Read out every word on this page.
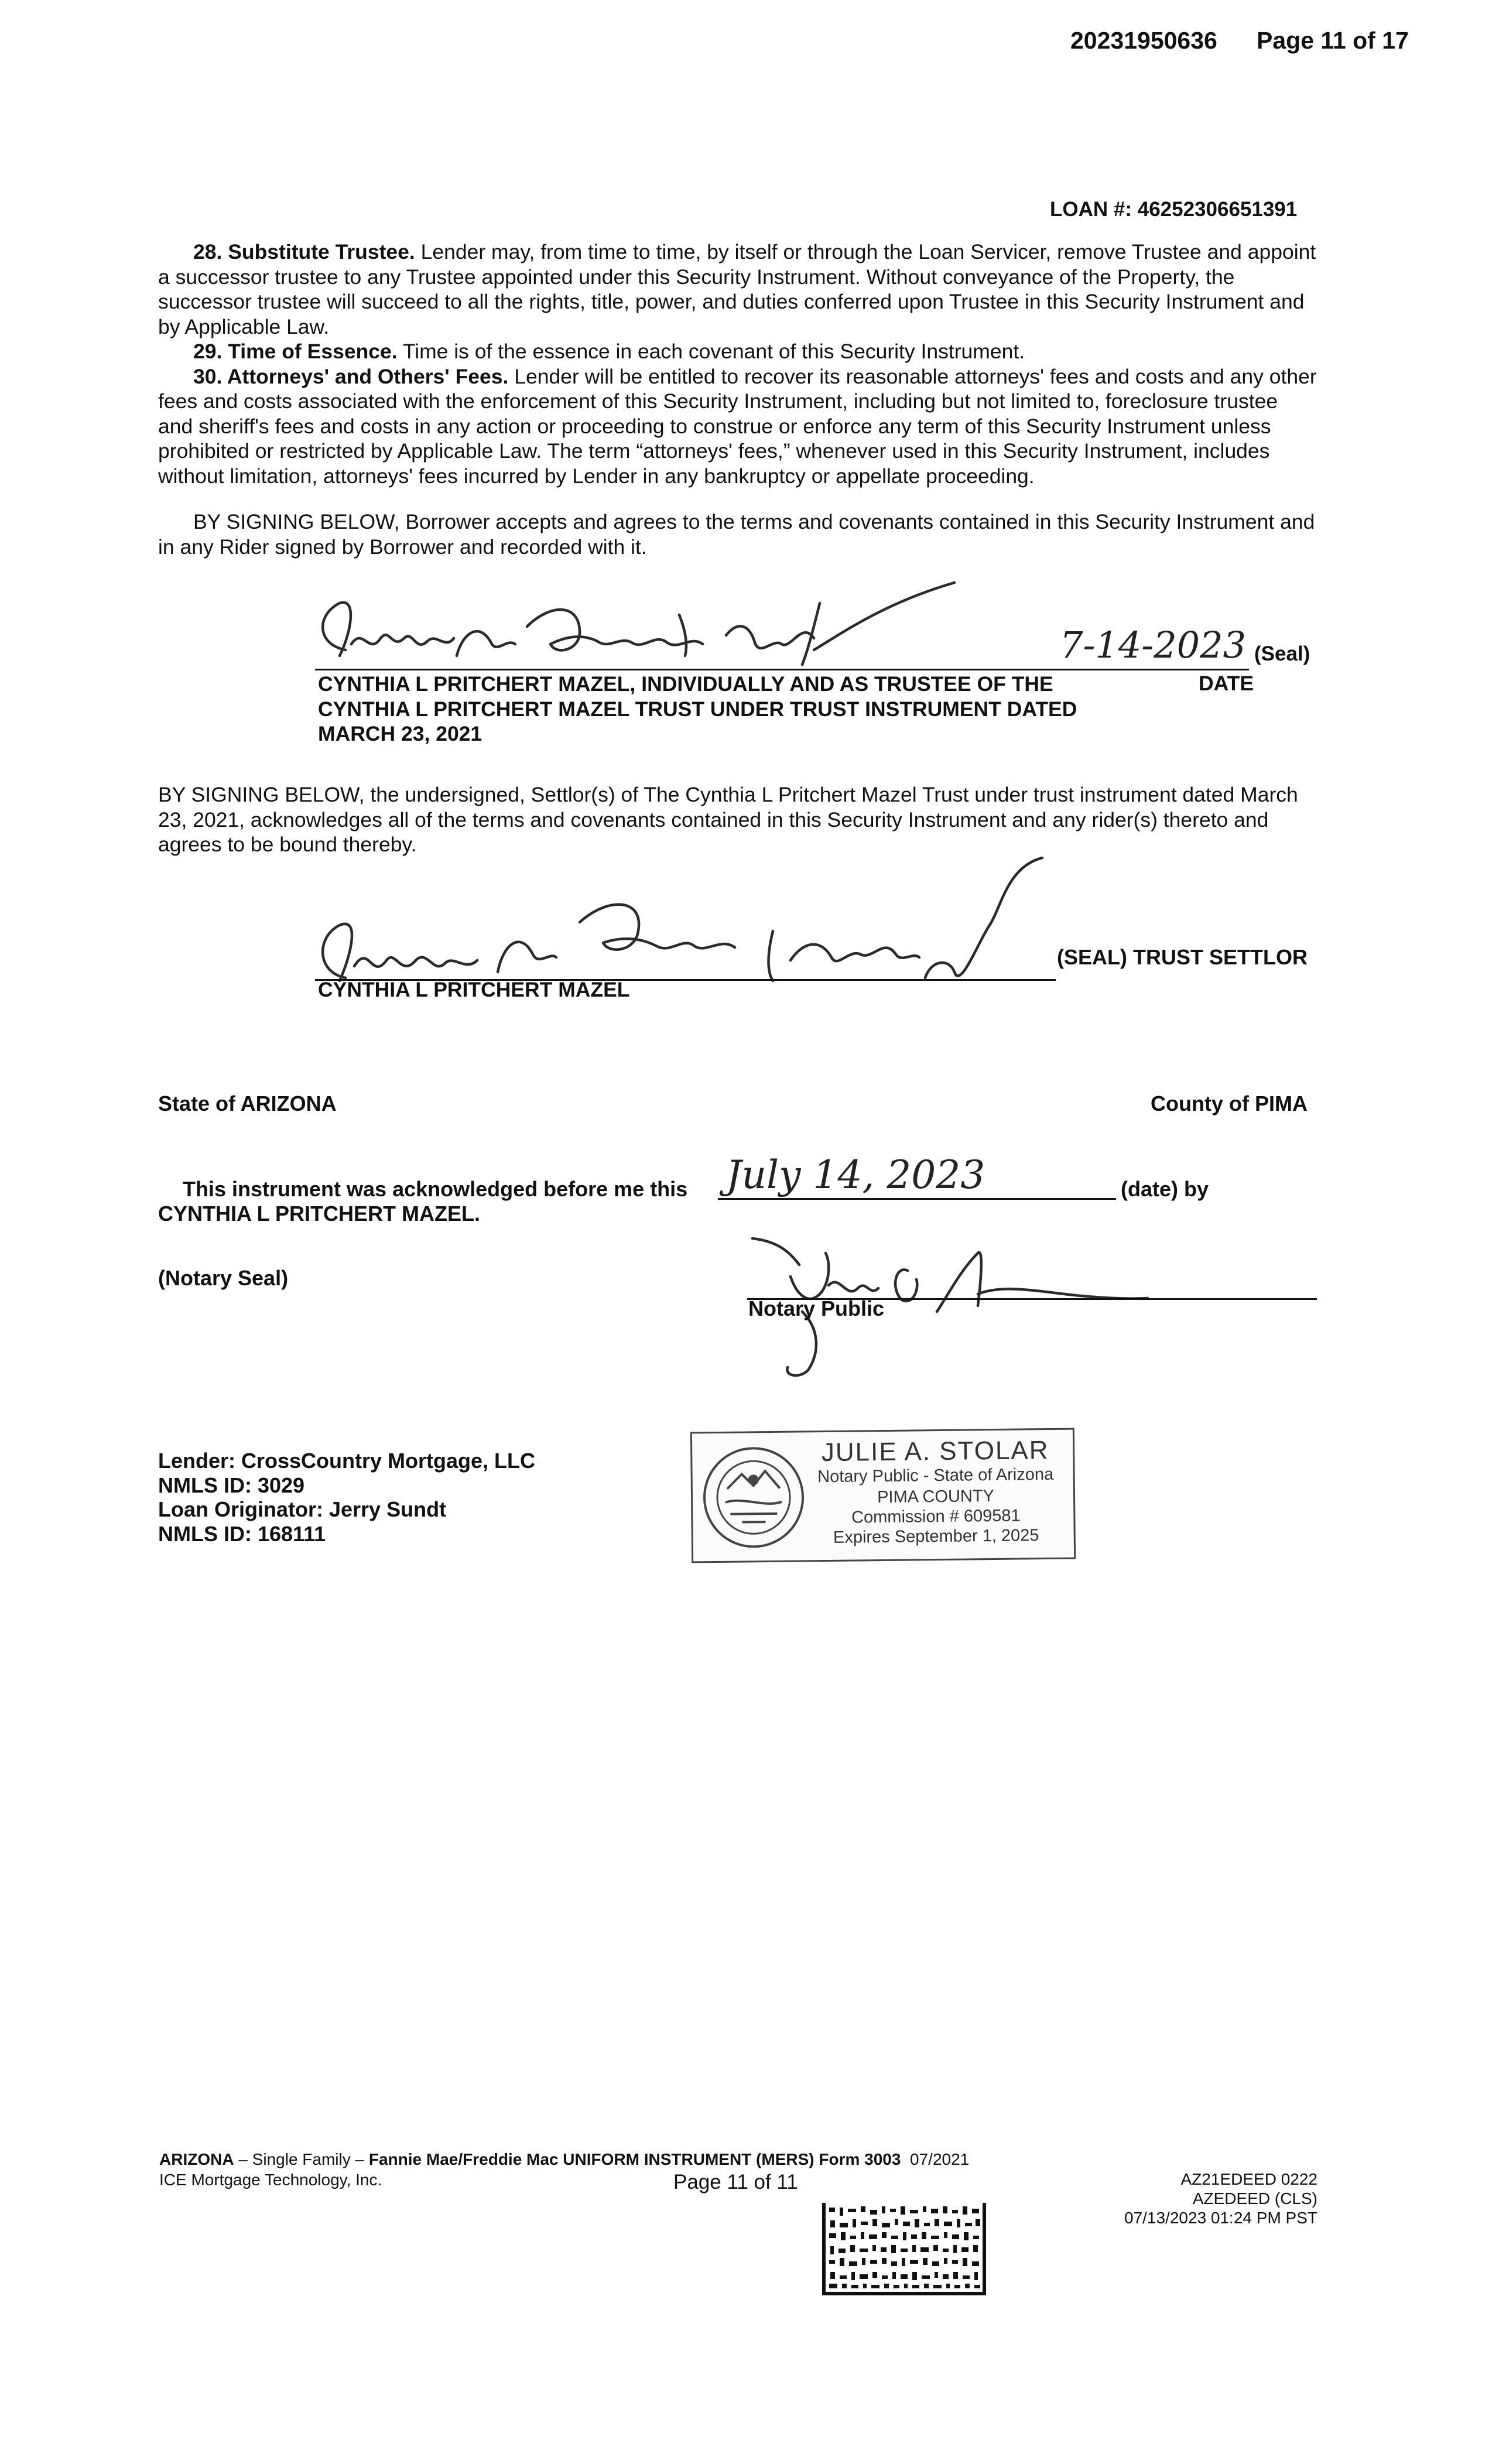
20231950636 Page 11 of 17
LOAN #: 46252306651391

28. Substitute Trustee. Lender may, from time to time, by itself or through the Loan Servicer, remove Trustee and appoint a successor trustee to any Trustee appointed under this Security Instrument. Without conveyance of the Property, the successor trustee will succeed to all the rights, title, power, and duties conferred upon Trustee in this Security Instrument and by Applicable Law.

29. Time of Essence. Time is of the essence in each covenant of this Security Instrument.

30. Attorneys' and Others' Fees. Lender will be entitled to recover its reasonable attorneys' fees and costs and any other fees and costs associated with the enforcement of this Security Instrument, including but not limited to, foreclosure trustee and sheriff's fees and costs in any action or proceeding to construe or enforce any term of this Security Instrument unless prohibited or restricted by Applicable Law. The term “attorneys' fees,” whenever used in this Security Instrument, includes without limitation, attorneys' fees incurred by Lender in any bankruptcy or appellate proceeding.

BY SIGNING BELOW, Borrower accepts and agrees to the terms and covenants contained in this Security Instrument and in any Rider signed by Borrower and recorded with it.

7-14-2023 (Seal)
CYNTHIA L PRITCHERT MAZEL, INDIVIDUALLY AND AS TRUSTEE OF THE
CYNTHIA L PRITCHERT MAZEL TRUST UNDER TRUST INSTRUMENT DATED
MARCH 23, 2021
DATE

BY SIGNING BELOW, the undersigned, Settlor(s) of The Cynthia L Pritchert Mazel Trust under trust instrument dated March 23, 2021, acknowledges all of the terms and covenants contained in this Security Instrument and any rider(s) thereto and agrees to be bound thereby.

CYNTHIA L PRITCHERT MAZEL
(SEAL) TRUST SETTLOR
State of ARIZONA	County of PIMA
This instrument was acknowledged before me this July 14, 2023	(date) by
CYNTHIA L PRITCHERT MAZEL.
(Notary Seal)
Notary Public
Lender: CrossCountry Mortgage, LLC
NMLS ID: 3029
Loan Originator: Jerry Sundt
NMLS ID: 168111
JULIE A. STOLAR
Notary Public - State of Arizona
PIMA COUNTY
Commission # 609581
Expires September 1, 2025
ARIZONA – Single Family – Fannie Mae/Freddie Mac UNIFORM INSTRUMENT (MERS) Form 3003 07/2021
ICE Mortgage Technology, Inc.	Page 11 of 11	AZ21EDEED 0222
AZEDEED (CLS)
07/13/2023 01:24 PM PST
